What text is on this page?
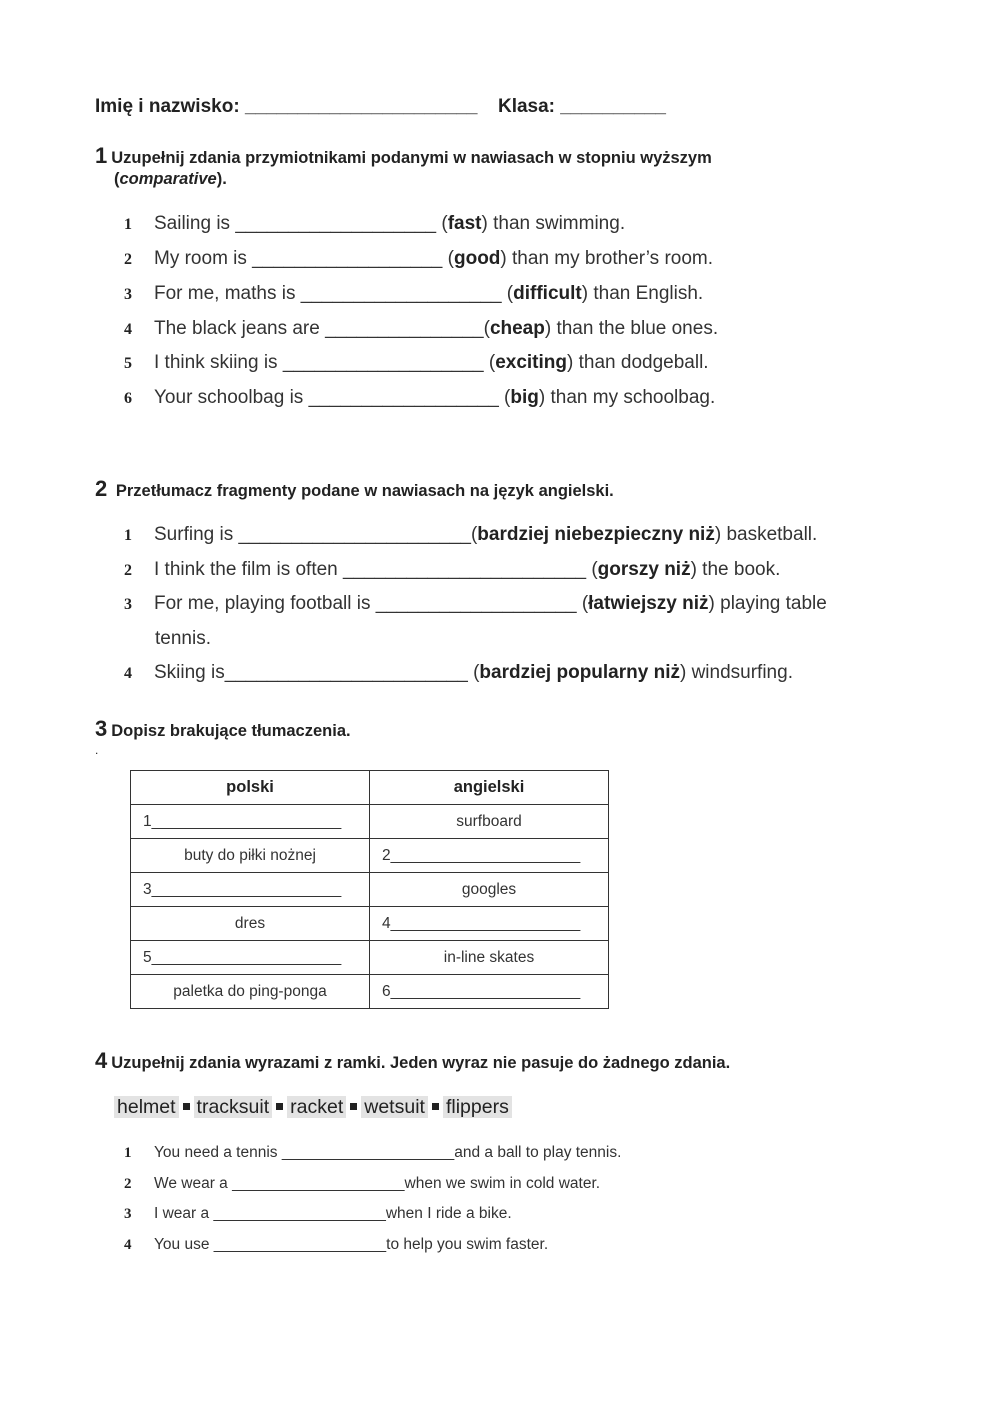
Imię i nazwisko: ______________________ Klasa: __________
1 Uzupełnij zdania przymiotnikami podanymi w nawiasach w stopniu wyższym
(comparative).
1 Sailing is ___________________ (fast) than swimming.
2 My room is __________________ (good) than my brother’s room.
3 For me, maths is ___________________ (difficult) than English.
4 The black jeans are _______________(cheap) than the blue ones.
5 I think skiing is ___________________ (exciting) than dodgeball.
6 Your schoolbag is __________________ (big) than my schoolbag.
2 Przetłumacz fragmenty podane w nawiasach na język angielski.
1 Surfing is ______________________(bardziej niebezpieczny niż) basketball.
2 I think the film is often _______________________ (gorszy niż) the book.
3 For me, playing football is ___________________ (łatwiejszy niż) playing table
tennis.
4 Skiing is_______________________ (bardziej popularny niż) windsurfing.
3 Dopisz brakujące tłumaczenia.
.
polski	angielski
1______________________	surfboard
buty do piłki nożnej	2______________________
3______________________	googles
dres	4______________________
5______________________	in-line skates
paletka do ping-ponga	6______________________
4 Uzupełnij zdania wyrazami z ramki. Jeden wyraz nie pasuje do żadnego zdania.
helmet tracksuit racket wetsuit flippers
1 You need a tennis ____________________and a ball to play tennis.
2 We wear a ____________________when we swim in cold water.
3 I wear a ____________________when I ride a bike.
4 You use ____________________to help you swim faster.
